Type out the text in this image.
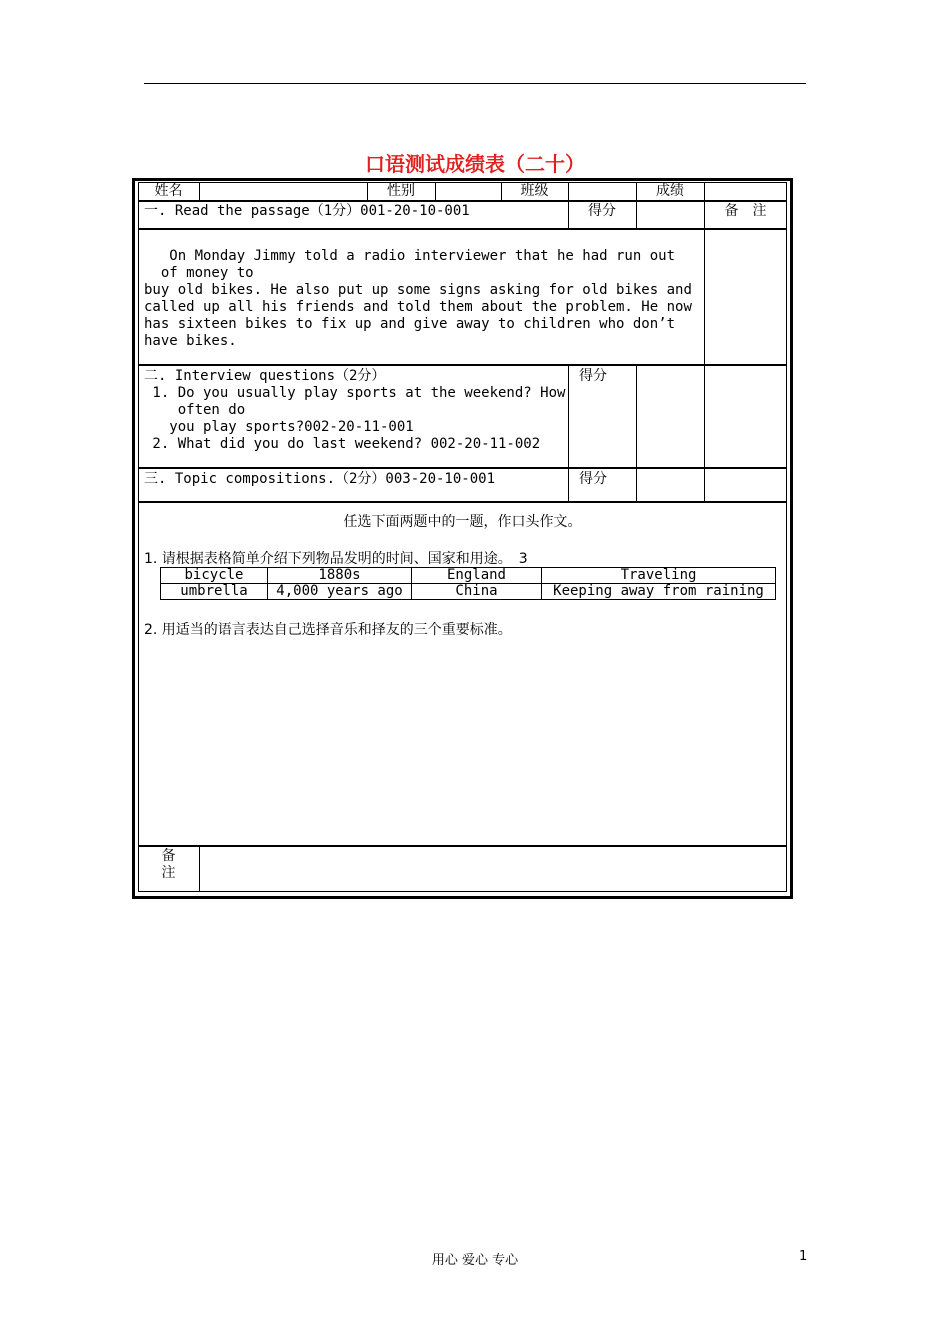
口语测试成绩表（二十）
姓名	性别	班级	成绩
一. Read the passage（1分）001-20-10-001	得分	备　注
On Monday Jimmy told a radio interviewer that he had run out
of money to
buy old bikes. He also put up some signs asking for old bikes and
called up all his friends and told them about the problem. He now
has sixteen bikes to fix up and give away to children who don’t
have bikes.
二. Interview questions（2分）
1. Do you usually play sports at the weekend? How
often do
you play sports?002-20-11-001
2. What did you do last weekend? 002-20-11-002
得分
三. Topic compositions.（2分）003-20-10-001	得分
任选下面两题中的一题，作口头作文。
1. 请根据表格简单介绍下列物品发明的时间、国家和用途。　3
bicycle	1880s	England	Traveling
umbrella	4,000 years ago	China	Keeping away from raining
2. 用适当的语言表达自己选择音乐和择友的三个重要标准。
备
注
用心 爱心 专心	1
